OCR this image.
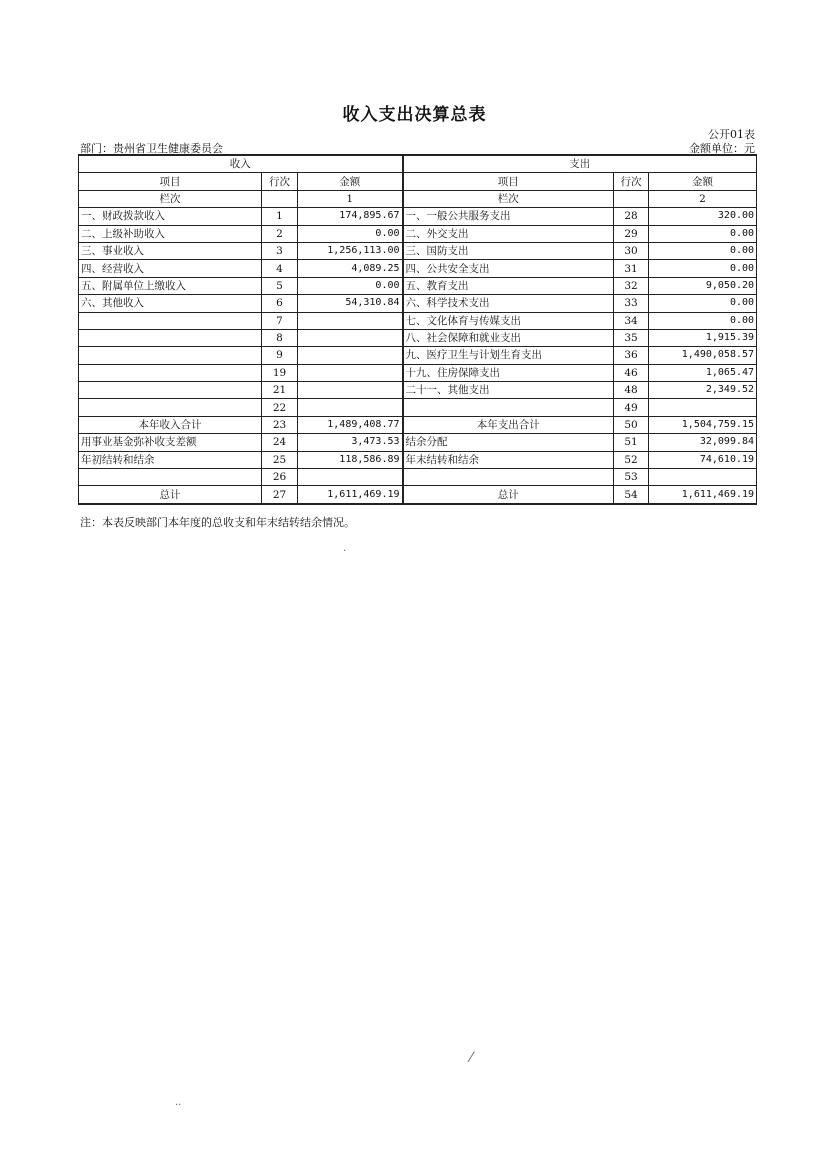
收入支出决算总表
公开01表
部门：贵州省卫生健康委员会	金额单位：元
收入			支出		
项目	行次	金额	项目	行次	金额
栏次		1	栏次		2
一、财政拨款收入	1	174,895.67	一、一般公共服务支出	28	320.00
二、上级补助收入	2	0.00	二、外交支出	29	0.00
三、事业收入	3	1,256,113.00	三、国防支出	30	0.00
四、经营收入	4	4,089.25	四、公共安全支出	31	0.00
五、附属单位上缴收入	5	0.00	五、教育支出	32	9,050.20
六、其他收入	6	54,310.84	六、科学技术支出	33	0.00
	7		七、文化体育与传媒支出	34	0.00
	8		八、社会保障和就业支出	35	1,915.39
	9		九、医疗卫生与计划生育支出	36	1,490,058.57
	19		十九、住房保障支出	46	1,065.47
	21		二十一、其他支出	48	2,349.52
	22			49	
本年收入合计	23	1,489,408.77	本年支出合计	50	1,504,759.15
用事业基金弥补收支差额	24	3,473.53	结余分配	51	32,099.84
年初结转和结余	25	118,586.89	年末结转和结余	52	74,610.19
	26			53	
总计	27	1,611,469.19	总计	54	1,611,469.19
注：本表反映部门本年度的总收支和年末结转结余情况。
·
⁄
··
